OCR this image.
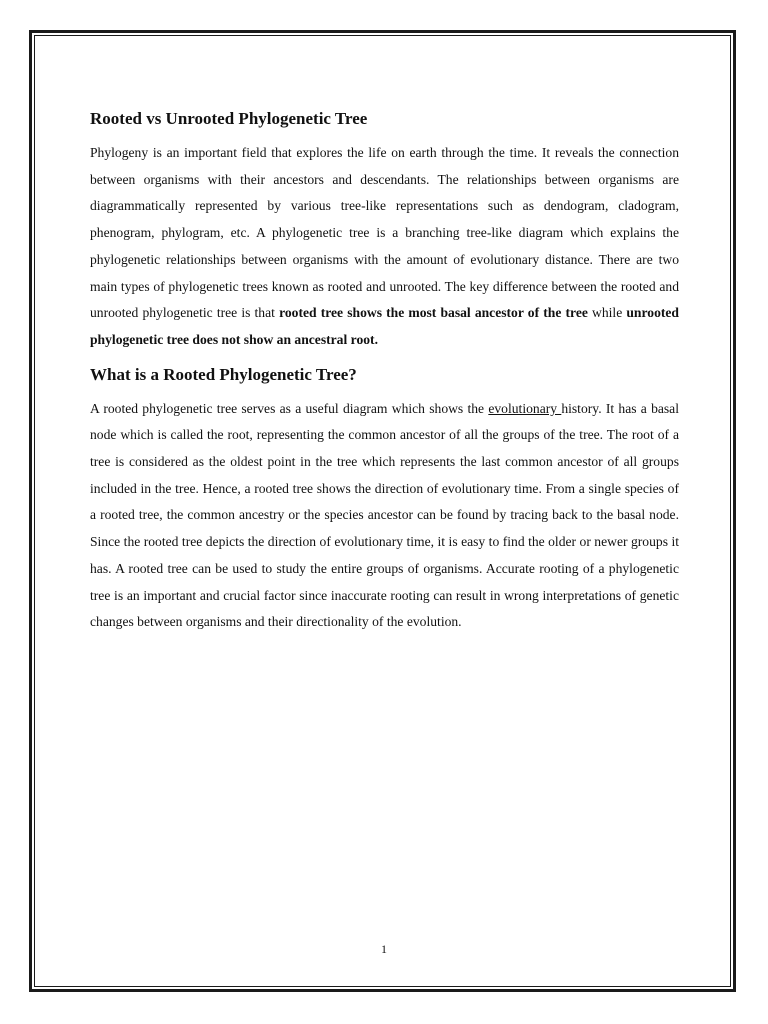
Rooted vs Unrooted Phylogenetic Tree

Phylogeny is an important field that explores the life on earth through the time. It reveals the connection between organisms with their ancestors and descendants. The relationships between organisms are diagrammatically represented by various tree-like representations such as dendogram, cladogram, phenogram, phylogram, etc. A phylogenetic tree is a branching tree-like diagram which explains the phylogenetic relationships between organisms with the amount of evolutionary distance. There are two main types of phylogenetic trees known as rooted and unrooted. The key difference between the rooted and unrooted phylogenetic tree is that rooted tree shows the most basal ancestor of the tree while unrooted phylogenetic tree does not show an ancestral root.

What is a Rooted Phylogenetic Tree?

A rooted phylogenetic tree serves as a useful diagram which shows the evolutionary history. It has a basal node which is called the root, representing the common ancestor of all the groups of the tree. The root of a tree is considered as the oldest point in the tree which represents the last common ancestor of all groups included in the tree. Hence, a rooted tree shows the direction of evolutionary time. From a single species of a rooted tree, the common ancestry or the species ancestor can be found by tracing back to the basal node. Since the rooted tree depicts the direction of evolutionary time, it is easy to find the older or newer groups it has. A rooted tree can be used to study the entire groups of organisms. Accurate rooting of a phylogenetic tree is an important and crucial factor since inaccurate rooting can result in wrong interpretations of genetic changes between organisms and their directionality of the evolution.

1
